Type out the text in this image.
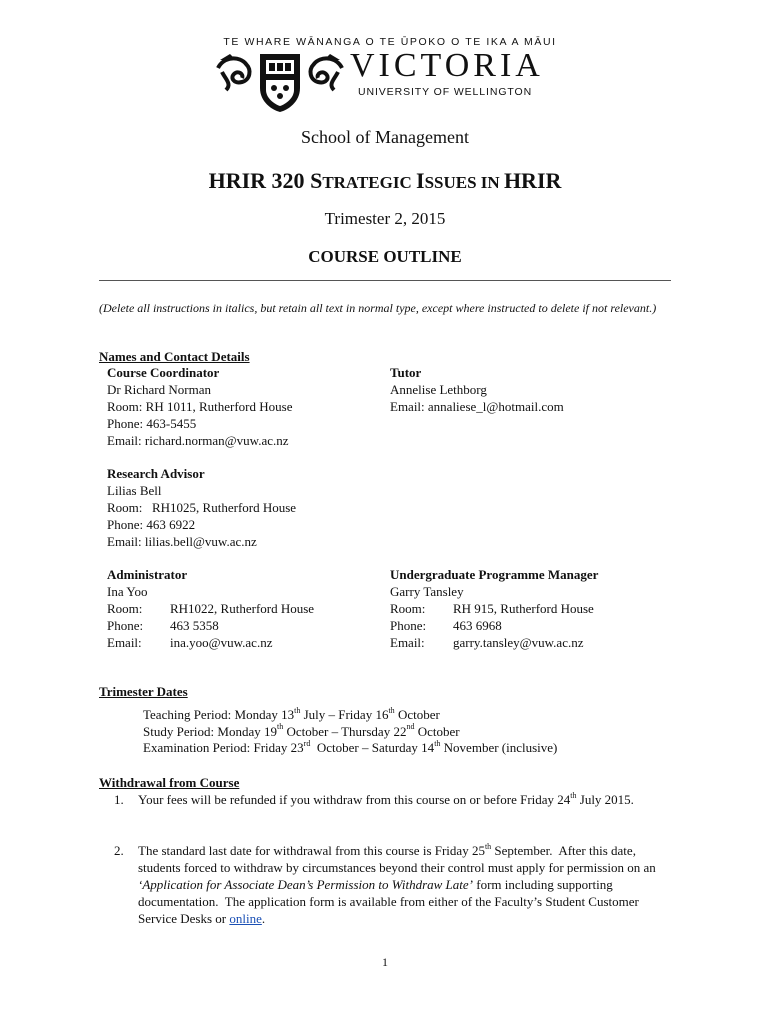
TE WHARE WĀNANGA O TE ŪPOKO O TE IKA A MĀUI
VICTORIA
UNIVERSITY OF WELLINGTON
School of Management
HRIR 320 STRATEGIC ISSUES IN HRIR
Trimester 2, 2015
COURSE OUTLINE
(Delete all instructions in italics, but retain all text in normal type, except where instructed to delete if not relevant.)
Names and Contact Details
Course Coordinator
Dr Richard Norman
Room: RH 1011, Rutherford House
Phone: 463-5455
Email: richard.norman@vuw.ac.nz
Tutor
Annelise Lethborg
Email: annaliese_l@hotmail.com
Research Advisor
Lilias Bell
Room: RH1025, Rutherford House
Phone: 463 6922
Email: lilias.bell@vuw.ac.nz
Administrator
Ina Yoo
Room:	RH1022, Rutherford House
Phone:	463 5358
Email:	ina.yoo@vuw.ac.nz
Undergraduate Programme Manager
Garry Tansley
Room:	RH 915, Rutherford House
Phone:	463 6968
Email:	garry.tansley@vuw.ac.nz
Trimester Dates
Teaching Period: Monday 13th July – Friday 16th October
Study Period: Monday 19th October – Thursday 22nd October
Examination Period: Friday 23rd  October – Saturday 14th November (inclusive)
Withdrawal from Course
1.	Your fees will be refunded if you withdraw from this course on or before Friday 24th July 2015.
2.	The standard last date for withdrawal from this course is Friday 25th September.  After this date, students forced to withdraw by circumstances beyond their control must apply for permission on an ‘Application for Associate Dean’s Permission to Withdraw Late’ form including supporting documentation.  The application form is available from either of the Faculty’s Student Customer Service Desks or online.
1
